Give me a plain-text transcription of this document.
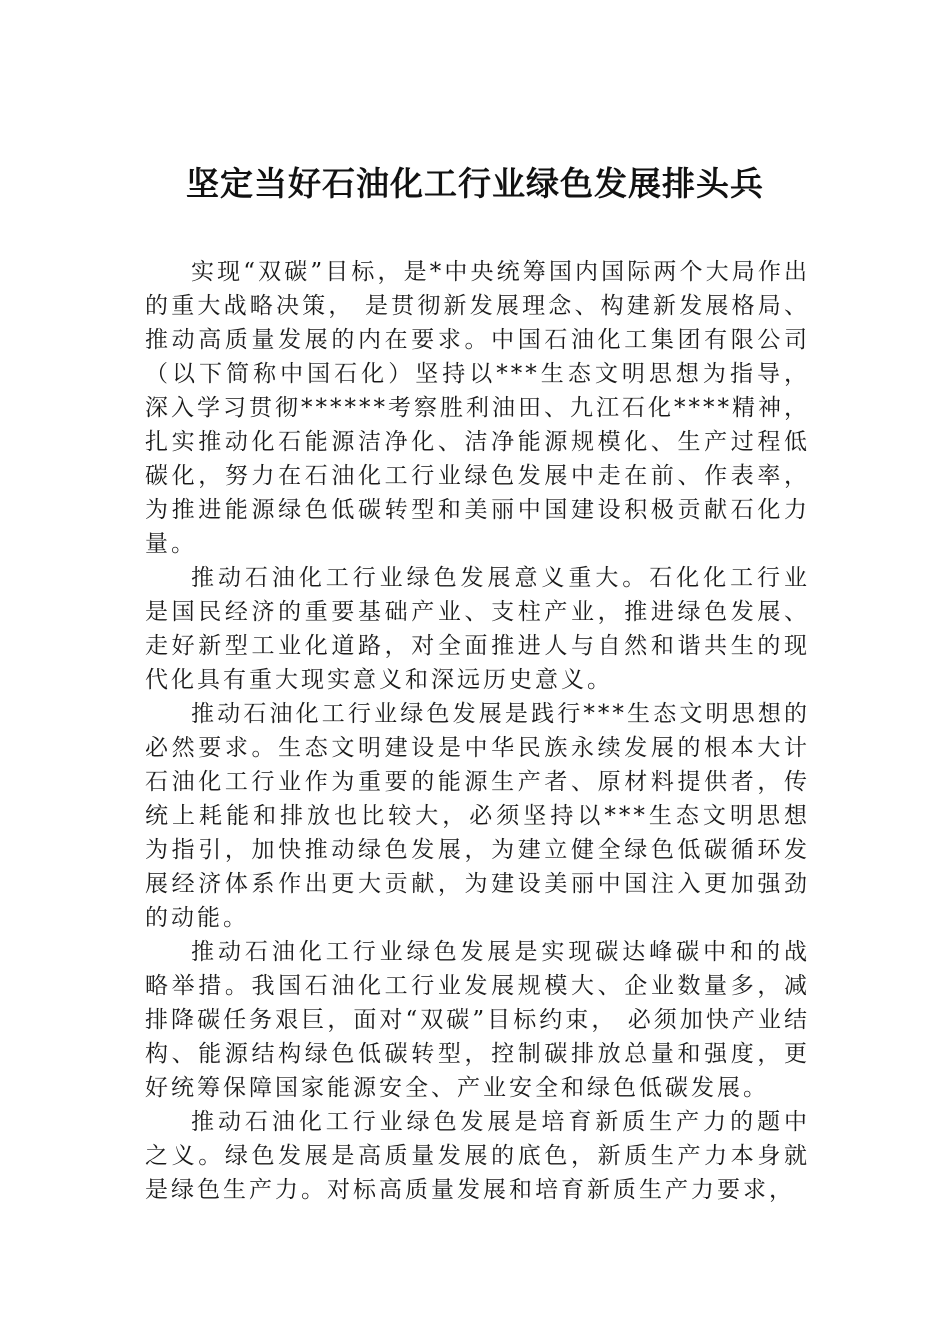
坚定当好石油化工行业绿色发展排头兵

实现“双碳”目标，是*中央统筹国内国际两个大局作出的重大战略决策， 是贯彻新发展理念、构建新发展格局、推动高质量发展的内在要求。中国石油化工集团有限公司（以下简称中国石化）坚持以***生态文明思想为指导，深入学习贯彻******考察胜利油田、九江石化****精神，扎实推动化石能源洁净化、洁净能源规模化、生产过程低碳化，努力在石油化工行业绿色发展中走在前、作表率，为推进能源绿色低碳转型和美丽中国建设积极贡献石化力量。

推动石油化工行业绿色发展意义重大。石化化工行业是国民经济的重要基础产业、支柱产业，推进绿色发展、走好新型工业化道路，对全面推进人与自然和谐共生的现代化具有重大现实意义和深远历史意义。

推动石油化工行业绿色发展是践行***生态文明思想的必然要求。生态文明建设是中华民族永续发展的根本大计石油化工行业作为重要的能源生产者、原材料提供者，传统上耗能和排放也比较大，必须坚持以***生态文明思想为指引，加快推动绿色发展，为建立健全绿色低碳循环发展经济体系作出更大贡献，为建设美丽中国注入更加强劲的动能。

推动石油化工行业绿色发展是实现碳达峰碳中和的战略举措。我国石油化工行业发展规模大、企业数量多，减排降碳任务艰巨，面对“双碳”目标约束， 必须加快产业结构、能源结构绿色低碳转型，控制碳排放总量和强度，更好统筹保障国家能源安全、产业安全和绿色低碳发展。

推动石油化工行业绿色发展是培育新质生产力的题中之义。绿色发展是高质量发展的底色，新质生产力本身就是绿色生产力。对标高质量发展和培育新质生产力要求，
